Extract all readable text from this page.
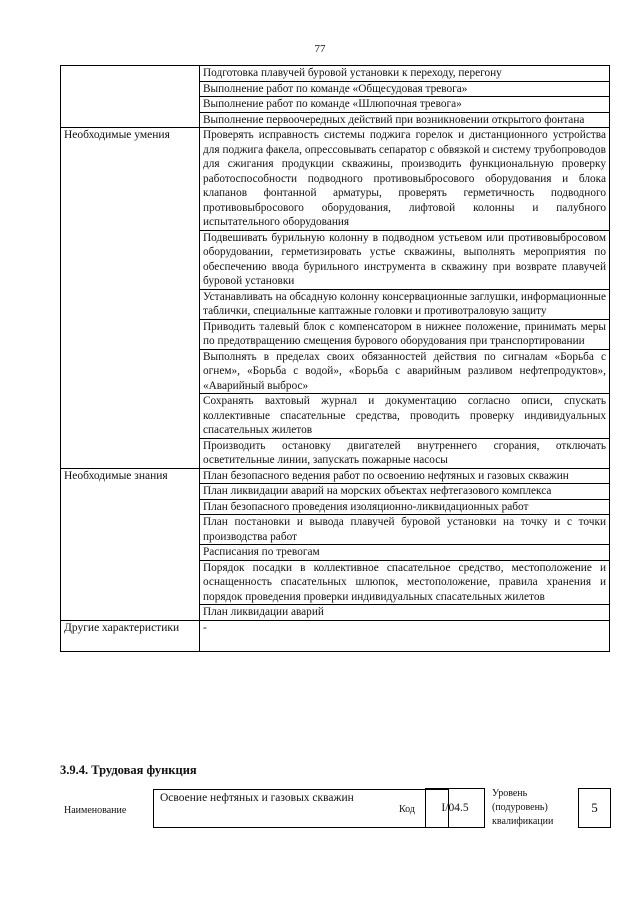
77
	Подготовка плавучей буровой установки к переходу, перегону
	Выполнение работ по команде «Общесудовая тревога»
	Выполнение работ по команде «Шлюпочная тревога»
	Выполнение первоочередных действий при возникновении открытого фонтана
Необходимые умения	Проверять исправность системы поджига горелок и дистанционного устройства для поджига факела, опрессовывать сепаратор с обвязкой и систему трубопроводов для сжигания продукции скважины, производить функциональную проверку работоспособности подводного противовыбросового оборудования и блока клапанов фонтанной арматуры, проверять герметичность подводного противовыбросового оборудования, лифтовой колонны и палубного испытательного оборудования
	Подвешивать бурильную колонну в подводном устьевом или противовыбросовом оборудовании, герметизировать устье скважины, выполнять мероприятия по обеспечению ввода бурильного инструмента в скважину при возврате плавучей буровой установки
	Устанавливать на обсадную колонну консервационные заглушки, информационные таблички, специальные каптажные головки и противотраловую защиту
	Приводить талевый блок с компенсатором в нижнее положение, принимать меры по предотвращению смещения бурового оборудования при транспортировании
	Выполнять в пределах своих обязанностей действия по сигналам «Борьба с огнем», «Борьба с водой», «Борьба с аварийным разливом нефтепродуктов», «Аварийный выброс»
	Сохранять вахтовый журнал и документацию согласно описи, спускать коллективные спасательные средства, проводить проверку индивидуальных спасательных жилетов
	Производить остановку двигателей внутреннего сгорания, отключать осветительные линии, запускать пожарные насосы
Необходимые знания	План безопасного ведения работ по освоению нефтяных и газовых скважин
	План ликвидации аварий на морских объектах нефтегазового комплекса
	План безопасного проведения изоляционно-ликвидационных работ
	План постановки и вывода плавучей буровой установки на точку и с точки производства работ
	Расписания по тревогам
	Порядок посадки в коллективное спасательное средство, местоположение и оснащенность спасательных шлюпок, местоположение, правила хранения и порядок проведения проверки индивидуальных спасательных жилетов
	План ликвидации аварий
Другие характеристики	-
3.9.4. Трудовая функция
Наименование
Освоение нефтяных и газовых скважин
Код	I/04.5
Уровень (подуровень) квалификации
5
